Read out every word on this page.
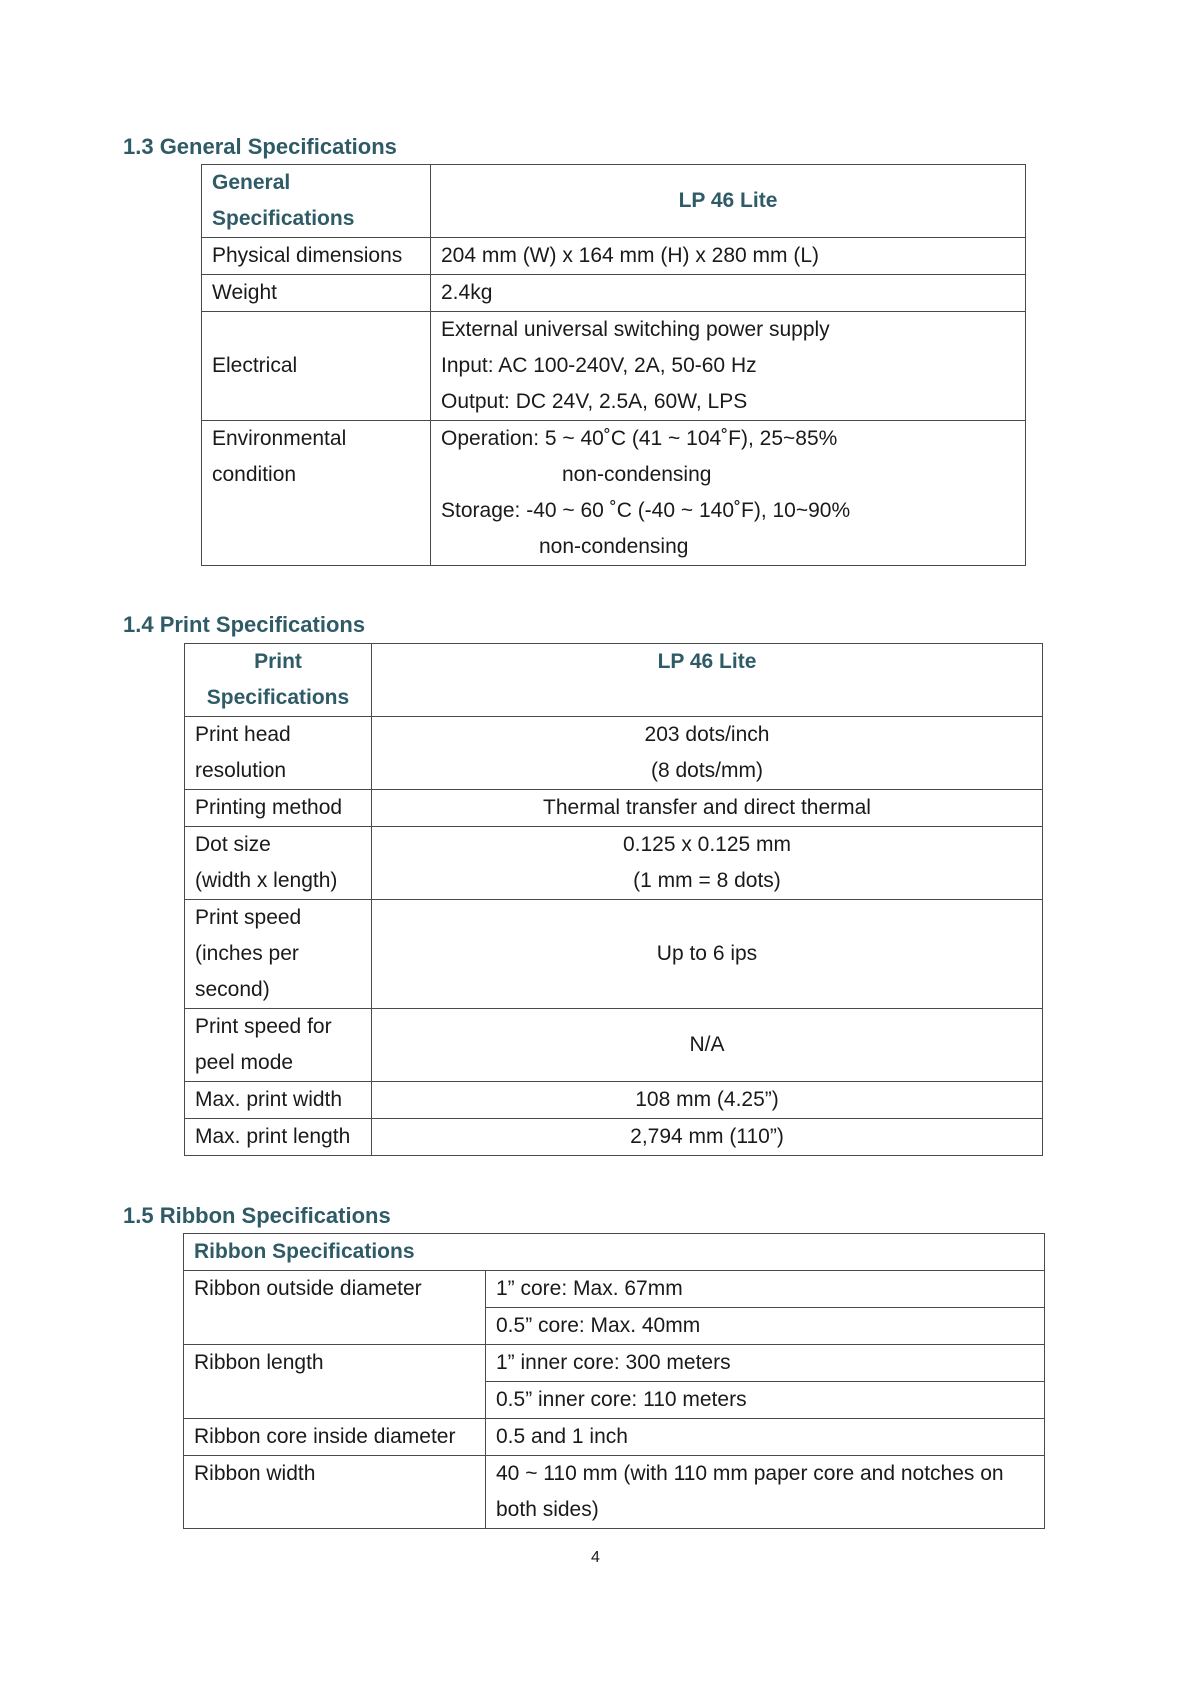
1.3 General Specifications
General
Specifications	LP 46 Lite
Physical dimensions	204 mm (W) x 164 mm (H) x 280 mm (L)
Weight	2.4kg
Electrical	External universal switching power supply
Input: AC 100-240V, 2A, 50-60 Hz
Output: DC 24V, 2.5A, 60W, LPS

Environmental
condition	Operation: 5 ~ 40˚C (41 ~ 104˚F), 25~85%
non-condensing
Storage: -40 ~ 60 ˚C (-40 ~ 140˚F), 10~90%
non-condensing
1.4 Print Specifications
Print
Specifications	LP 46 Lite

Print head
resolution	203 dots/inch
(8 dots/mm)

Printing method	Thermal transfer and direct thermal

Dot size
(width x length)	0.125 x 0.125 mm
(1 mm = 8 dots)

Print speed
(inches per
second)	Up to 6 ips

Print speed for
peel mode	N/A
Max. print width	108 mm (4.25”)
Max. print length	2,794 mm (110”)
1.5 Ribbon Specifications
Ribbon Specifications	
Ribbon outside diameter	1” core: Max. 67mm
	0.5” core: Max. 40mm
Ribbon length	1” inner core: 300 meters
	0.5” inner core: 110 meters
Ribbon core inside diameter	0.5 and 1 inch
Ribbon width	40 ~ 110 mm (with 110 mm paper core and notches on
both sides)
4
